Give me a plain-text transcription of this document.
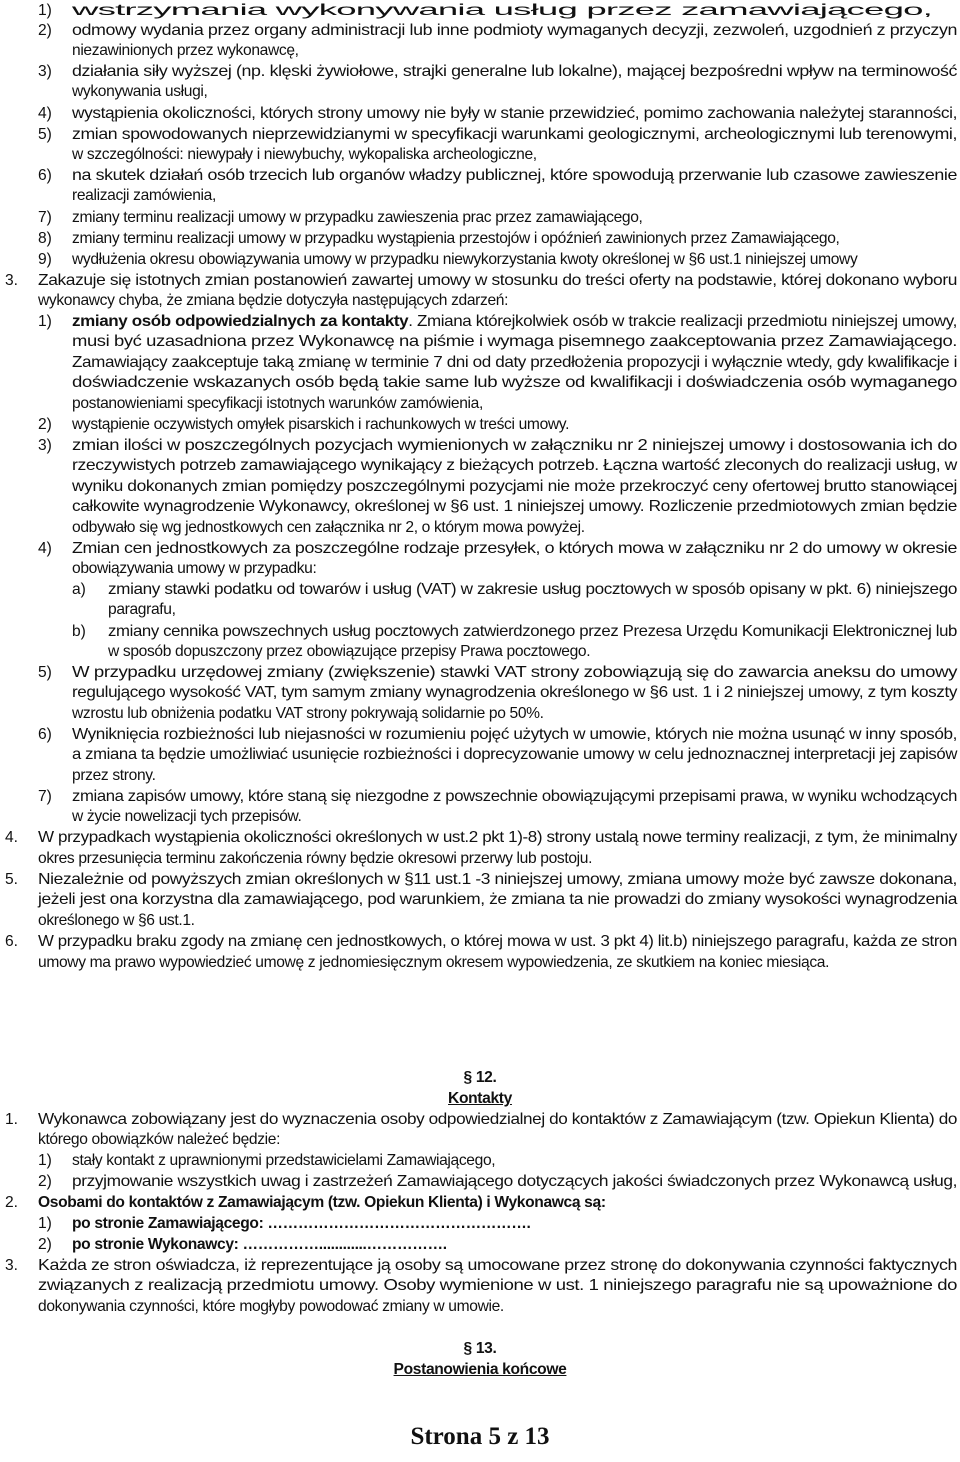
1) wstrzymania wykonywania usług przez zamawiającego,
2) odmowy wydania przez organy administracji lub inne podmioty wymaganych decyzji, zezwoleń, uzgodnień z przyczyn
niezawinionych przez wykonawcę,
3) działania siły wyższej (np. klęski żywiołowe, strajki generalne lub lokalne), mającej bezpośredni wpływ na terminowość
wykonywania usługi,
4) wystąpienia okoliczności, których strony umowy nie były w stanie przewidzieć, pomimo zachowania należytej staranności,
5) zmian spowodowanych nieprzewidzianymi w specyfikacji warunkami geologicznymi, archeologicznymi lub terenowymi,
w szczególności: niewypały i niewybuchy, wykopaliska archeologiczne,
6) na skutek działań osób trzecich lub organów władzy publicznej, które spowodują przerwanie lub czasowe zawieszenie
realizacji zamówienia,
7) zmiany terminu realizacji umowy w przypadku zawieszenia prac przez zamawiającego,
8) zmiany terminu realizacji umowy w przypadku wystąpienia przestojów i opóźnień zawinionych przez Zamawiającego,
9) wydłużenia okresu obowiązywania umowy w przypadku niewykorzystania kwoty określonej w §6 ust.1 niniejszej umowy
3. Zakazuje się istotnych zmian postanowień zawartej umowy w stosunku do treści oferty na podstawie, której dokonano wyboru
wykonawcy chyba, że zmiana będzie dotyczyła następujących zdarzeń:
1) zmiany osób odpowiedzialnych za kontakty. Zmiana którejkolwiek osób w trakcie realizacji przedmiotu niniejszej umowy,
musi być uzasadniona przez Wykonawcę na piśmie i wymaga pisemnego zaakceptowania przez Zamawiającego.
Zamawiający zaakceptuje taką zmianę w terminie 7 dni od daty przedłożenia propozycji i wyłącznie wtedy, gdy kwalifikacje i
doświadczenie wskazanych osób będą takie same lub wyższe od kwalifikacji i doświadczenia osób wymaganego
postanowieniami specyfikacji istotnych warunków zamówienia,
2) wystąpienie oczywistych omyłek pisarskich i rachunkowych w treści umowy.
3) zmian ilości w poszczególnych pozycjach wymienionych w załączniku nr 2 niniejszej umowy i dostosowania ich do
rzeczywistych potrzeb zamawiającego wynikający z bieżących potrzeb. Łączna wartość zleconych do realizacji usług, w
wyniku dokonanych zmian pomiędzy poszczególnymi pozycjami nie może przekroczyć ceny ofertowej brutto stanowiącej
całkowite wynagrodzenie Wykonawcy, określonej w §6 ust. 1 niniejszej umowy. Rozliczenie przedmiotowych zmian będzie
odbywało się wg jednostkowych cen załącznika nr 2, o którym mowa powyżej.
4) Zmian cen jednostkowych za poszczególne rodzaje przesyłek, o których mowa w załączniku nr 2 do umowy w okresie
obowiązywania umowy w przypadku:
a) zmiany stawki podatku od towarów i usług (VAT) w zakresie usług pocztowych w sposób opisany w pkt. 6) niniejszego
paragrafu,
b) zmiany cennika powszechnych usług pocztowych zatwierdzonego przez Prezesa Urzędu Komunikacji Elektronicznej lub
w sposób dopuszczony przez obowiązujące przepisy Prawa pocztowego.
5) W przypadku urzędowej zmiany (zwiększenie) stawki VAT strony zobowiązują się do zawarcia aneksu do umowy
regulującego wysokość VAT, tym samym zmiany wynagrodzenia określonego w §6 ust. 1 i 2 niniejszej umowy, z tym koszty
wzrostu lub obniżenia podatku VAT strony pokrywają solidarnie po 50%.
6) Wyniknięcia rozbieżności lub niejasności w rozumieniu pojęć użytych w umowie, których nie można usunąć w inny sposób,
a zmiana ta będzie umożliwiać usunięcie rozbieżności i doprecyzowanie umowy w celu jednoznacznej interpretacji jej zapisów
przez strony.
7) zmiana zapisów umowy, które staną się niezgodne z powszechnie obowiązującymi przepisami prawa, w wyniku wchodzących
w życie nowelizacji tych przepisów.
4. W przypadkach wystąpienia okoliczności określonych w ust.2 pkt 1)-8) strony ustalą nowe terminy realizacji, z tym, że minimalny
okres przesunięcia terminu zakończenia równy będzie okresowi przerwy lub postoju.
5. Niezależnie od powyższych zmian określonych w §11 ust.1 -3 niniejszej umowy, zmiana umowy może być zawsze dokonana,
jeżeli jest ona korzystna dla zamawiającego, pod warunkiem, że zmiana ta nie prowadzi do zmiany wysokości wynagrodzenia
określonego w §6 ust.1.
6. W przypadku braku zgody na zmianę cen jednostkowych, o której mowa w ust. 3 pkt 4) lit.b) niniejszego paragrafu, każda ze stron
umowy ma prawo wypowiedzieć umowę z jednomiesięcznym okresem wypowiedzenia, ze skutkiem na koniec miesiąca.
§ 12.
Kontakty
1. Wykonawca zobowiązany jest do wyznaczenia osoby odpowiedzialnej do kontaktów z Zamawiającym (tzw. Opiekun Klienta) do
którego obowiązków należeć będzie:
1) stały kontakt z uprawnionymi przedstawicielami Zamawiającego,
2) przyjmowanie wszystkich uwag i zastrzeżeń Zamawiającego dotyczących jakości świadczonych przez Wykonawcą usług,
2. Osobami do kontaktów z Zamawiającym (tzw. Opiekun Klienta) i Wykonawcą są:
1) po stronie Zamawiającego: …………………………………………….
2) po stronie Wykonawcy: ……………............…………….
3. Każda ze stron oświadcza, iż reprezentujące ją osoby są umocowane przez stronę do dokonywania czynności faktycznych
związanych z realizacją przedmiotu umowy. Osoby wymienione w ust. 1 niniejszego paragrafu nie są upoważnione do
dokonywania czynności, które mogłyby powodować zmiany w umowie.
§ 13.
Postanowienia końcowe
Strona 5 z 13
